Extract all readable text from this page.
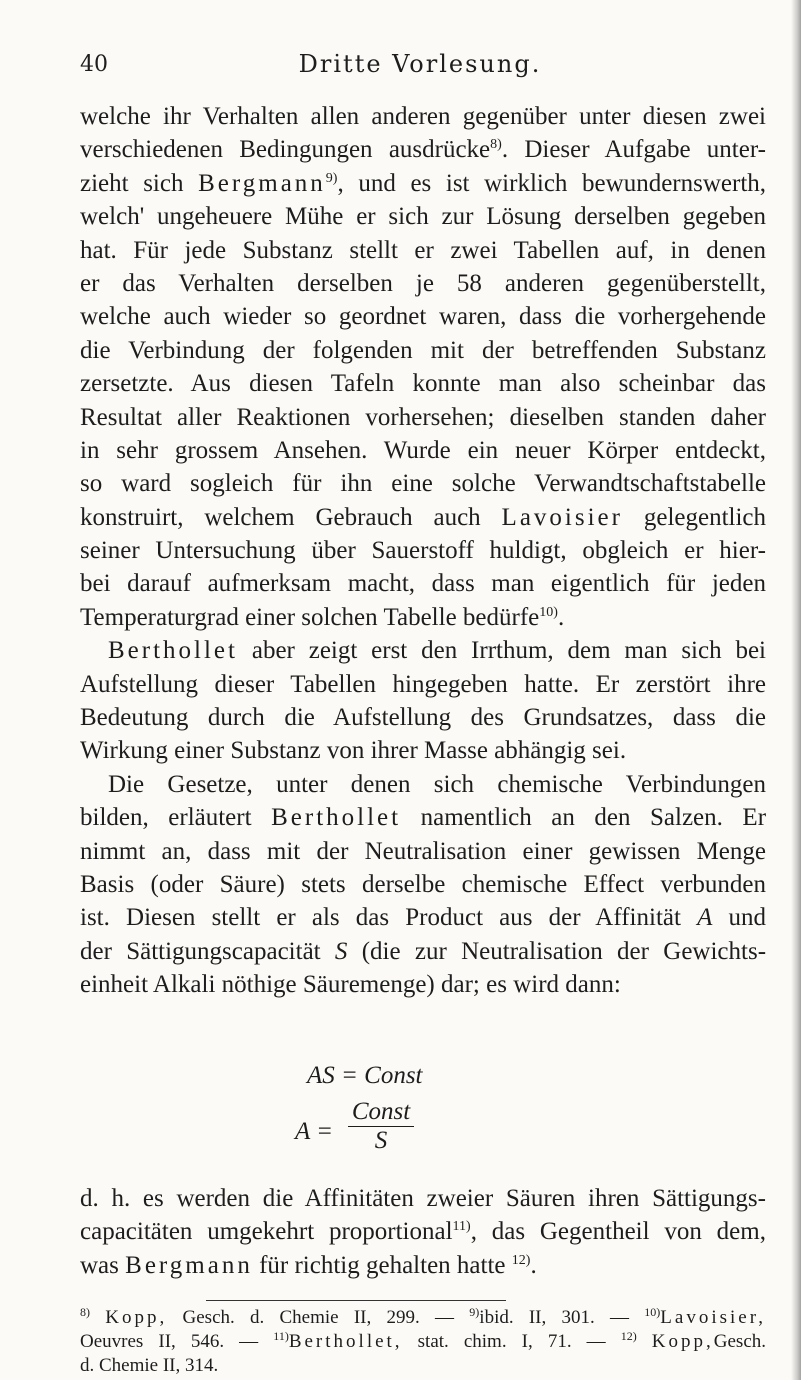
40	Dritte Vorlesung.
welche ihr Verhalten allen anderen gegenüber unter diesen zwei
verschiedenen Bedingungen ausdrücke$^{8)}$. Dieser Aufgabe unter-
zieht sich Bergmann$^{9)}$, und es ist wirklich bewundernswerth,
welch' ungeheuere Mühe er sich zur Lösung derselben gegeben
hat. Für jede Substanz stellt er zwei Tabellen auf, in denen
er das Verhalten derselben je 58 anderen gegenüberstellt,
welche auch wieder so geordnet waren, dass die vorhergehende
die Verbindung der folgenden mit der betreffenden Substanz
zersetzte. Aus diesen Tafeln konnte man also scheinbar das
Resultat aller Reaktionen vorhersehen; dieselben standen daher
in sehr grossem Ansehen. Wurde ein neuer Körper entdeckt,
so ward sogleich für ihn eine solche Verwandtschaftstabelle
konstruirt, welchem Gebrauch auch Lavoisier gelegentlich
seiner Untersuchung über Sauerstoff huldigt, obgleich er hier-
bei darauf aufmerksam macht, dass man eigentlich für jeden
Temperaturgrad einer solchen Tabelle bedürfe$^{10)}$.
Berthollet aber zeigt erst den Irrthum, dem man sich bei
Aufstellung dieser Tabellen hingegeben hatte. Er zerstört ihre
Bedeutung durch die Aufstellung des Grundsatzes, dass die
Wirkung einer Substanz von ihrer Masse abhängig sei.
Die Gesetze, unter denen sich chemische Verbindungen
bilden, erläutert Berthollet namentlich an den Salzen. Er
nimmt an, dass mit der Neutralisation einer gewissen Menge
Basis (oder Säure) stets derselbe chemische Effect verbunden
ist. Diesen stellt er als das Product aus der Affinität A und
der Sättigungscapacität S (die zur Neutralisation der Gewichts-
einheit Alkali nöthige Säuremenge) dar; es wird dann:
AS = Const
A =
Const
S
d. h. es werden die Affinitäten zweier Säuren ihren Sättigungs-
capacitäten umgekehrt proportional$^{11)}$, das Gegentheil von dem,
was Bergmann für richtig gehalten hatte $^{12)}$.
$^{8)}$ Kopp, Gesch. d. Chemie II, 299. — $^{9)}$ibid. II, 301. — $^{10)}$Lavoisier,
Oeuvres II, 546. — $^{11)}$Berthollet, stat. chim. I, 71. — $^{12)}$ Kopp,Gesch.
d. Chemie II, 314.
